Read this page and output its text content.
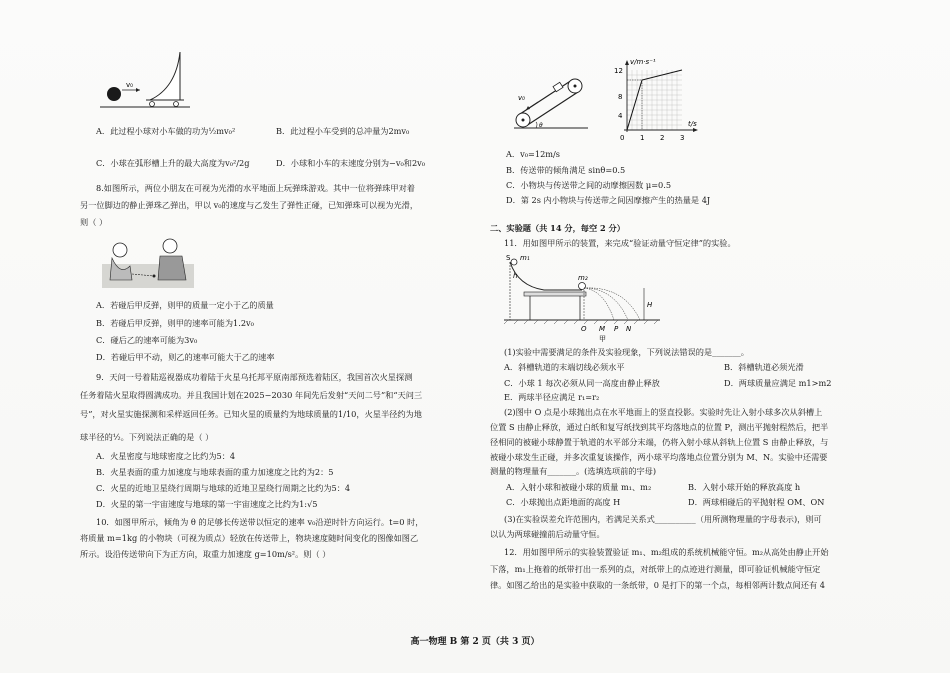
v₀
A．此过程小球对小车做的功为½mv₀²	B．此过程小车受到的总冲量为2mv₀
C．小球在弧形槽上升的最大高度为v₀²/2g	D．小球和小车的末速度分别为−v₀和2v₀
8.如图所示，两位小朋友在可视为光滑的水平地面上玩弹珠游戏。其中一位将弹珠甲对着
另一位脚边的静止弹珠乙弹出，甲以 v₀的速度与乙发生了弹性正碰，已知弹珠可以视为光滑，
则（ ）
A．若碰后甲反弹，则甲的质量一定小于乙的质量
B．若碰后甲反弹，则甲的速率可能为1.2v₀
C．碰后乙的速率可能为3v₀
D．若碰后甲不动，则乙的速率可能大于乙的速率
9．天问一号着陆巡视器成功着陆于火星乌托邦平原南部预选着陆区，我国首次火星探测
任务着陆火星取得圆满成功。并且我国计划在2025−2030 年间先后发射“天问二号”和“天问三
号”，对火星实施探测和采样返回任务。已知火星的质量约为地球质量的1/10，火星半径约为地
球半径的½。下列说法正确的是（ ）
A．火星密度与地球密度之比约为5：4
B．火星表面的重力加速度与地球表面的重力加速度之比约为2：5
C．火星的近地卫星绕行周期与地球的近地卫星绕行周期之比约为5：4
D．火星的第一宇宙速度与地球的第一宇宙速度之比约为1:√5
10．如图甲所示，倾角为 θ 的足够长传送带以恒定的速率 v₀沿逆时针方向运行。t=0 时，
将质量 m=1kg 的小物块（可视为质点）轻放在传送带上，物块速度随时间变化的图像如图乙
所示。设沿传送带向下为正方向，取重力加速度 g=10m/s²。则（ ）
v₀
θ
v/m·s⁻¹
t/s
12
8
4
0 1 2 3
A．v₀=12m/s
B．传送带的倾角满足 sinθ=0.5
C．小物块与传送带之间的动摩擦因数 μ=0.5
D．第 2s 内小物块与传送带之间因摩擦产生的热量是 4J
二、实验题（共 14 分，每空 2 分）
11．用如图甲所示的装置，来完成“验证动量守恒定律”的实验。
S m₁
m₂
h
H
O M P N
甲
(1)实验中需要满足的条件及实验现象，下列说法错误的是_______。
A．斜槽轨道的末端切线必须水平	B．斜槽轨道必须光滑
C．小球 1 每次必须从同一高度由静止释放	D．两球质量应满足 m1>m2
E．两球半径应满足 r₁=r₂
(2)图中 O 点是小球抛出点在水平地面上的竖直投影。实验时先让入射小球多次从斜槽上
位置 S 由静止释放，通过白纸和复写纸找到其平均落地点的位置 P，测出平抛射程然后，把半
径相同的被碰小球静置于轨道的水平部分末端，仍将入射小球从斜轨上位置 S 由静止释放，与
被碰小球发生正碰，并多次重复该操作，两小球平均落地点位置分别为 M、N。实验中还需要
测量的物理量有_______。(选填选项前的字母)
A．入射小球和被碰小球的质量 m₁、m₂	B．入射小球开始的释放高度 h
C．小球抛出点距地面的高度 H	D．两球相碰后的平抛射程 OM、ON
(3)在实验误差允许范围内，若满足关系式__________（用所测物理量的字母表示)，则可
以认为两球碰撞前后动量守恒。
12．用如图甲所示的实验装置验证 m₁、m₂组成的系统机械能守恒。m₂从高处由静止开始
下落，m₁上拖着的纸带打出一系列的点，对纸带上的点迹进行测量，即可验证机械能守恒定
律。如图乙给出的是实验中获取的一条纸带，0 是打下的第一个点，每相邻两计数点间还有 4
高一物理 B 第 2 页（共 3 页）
